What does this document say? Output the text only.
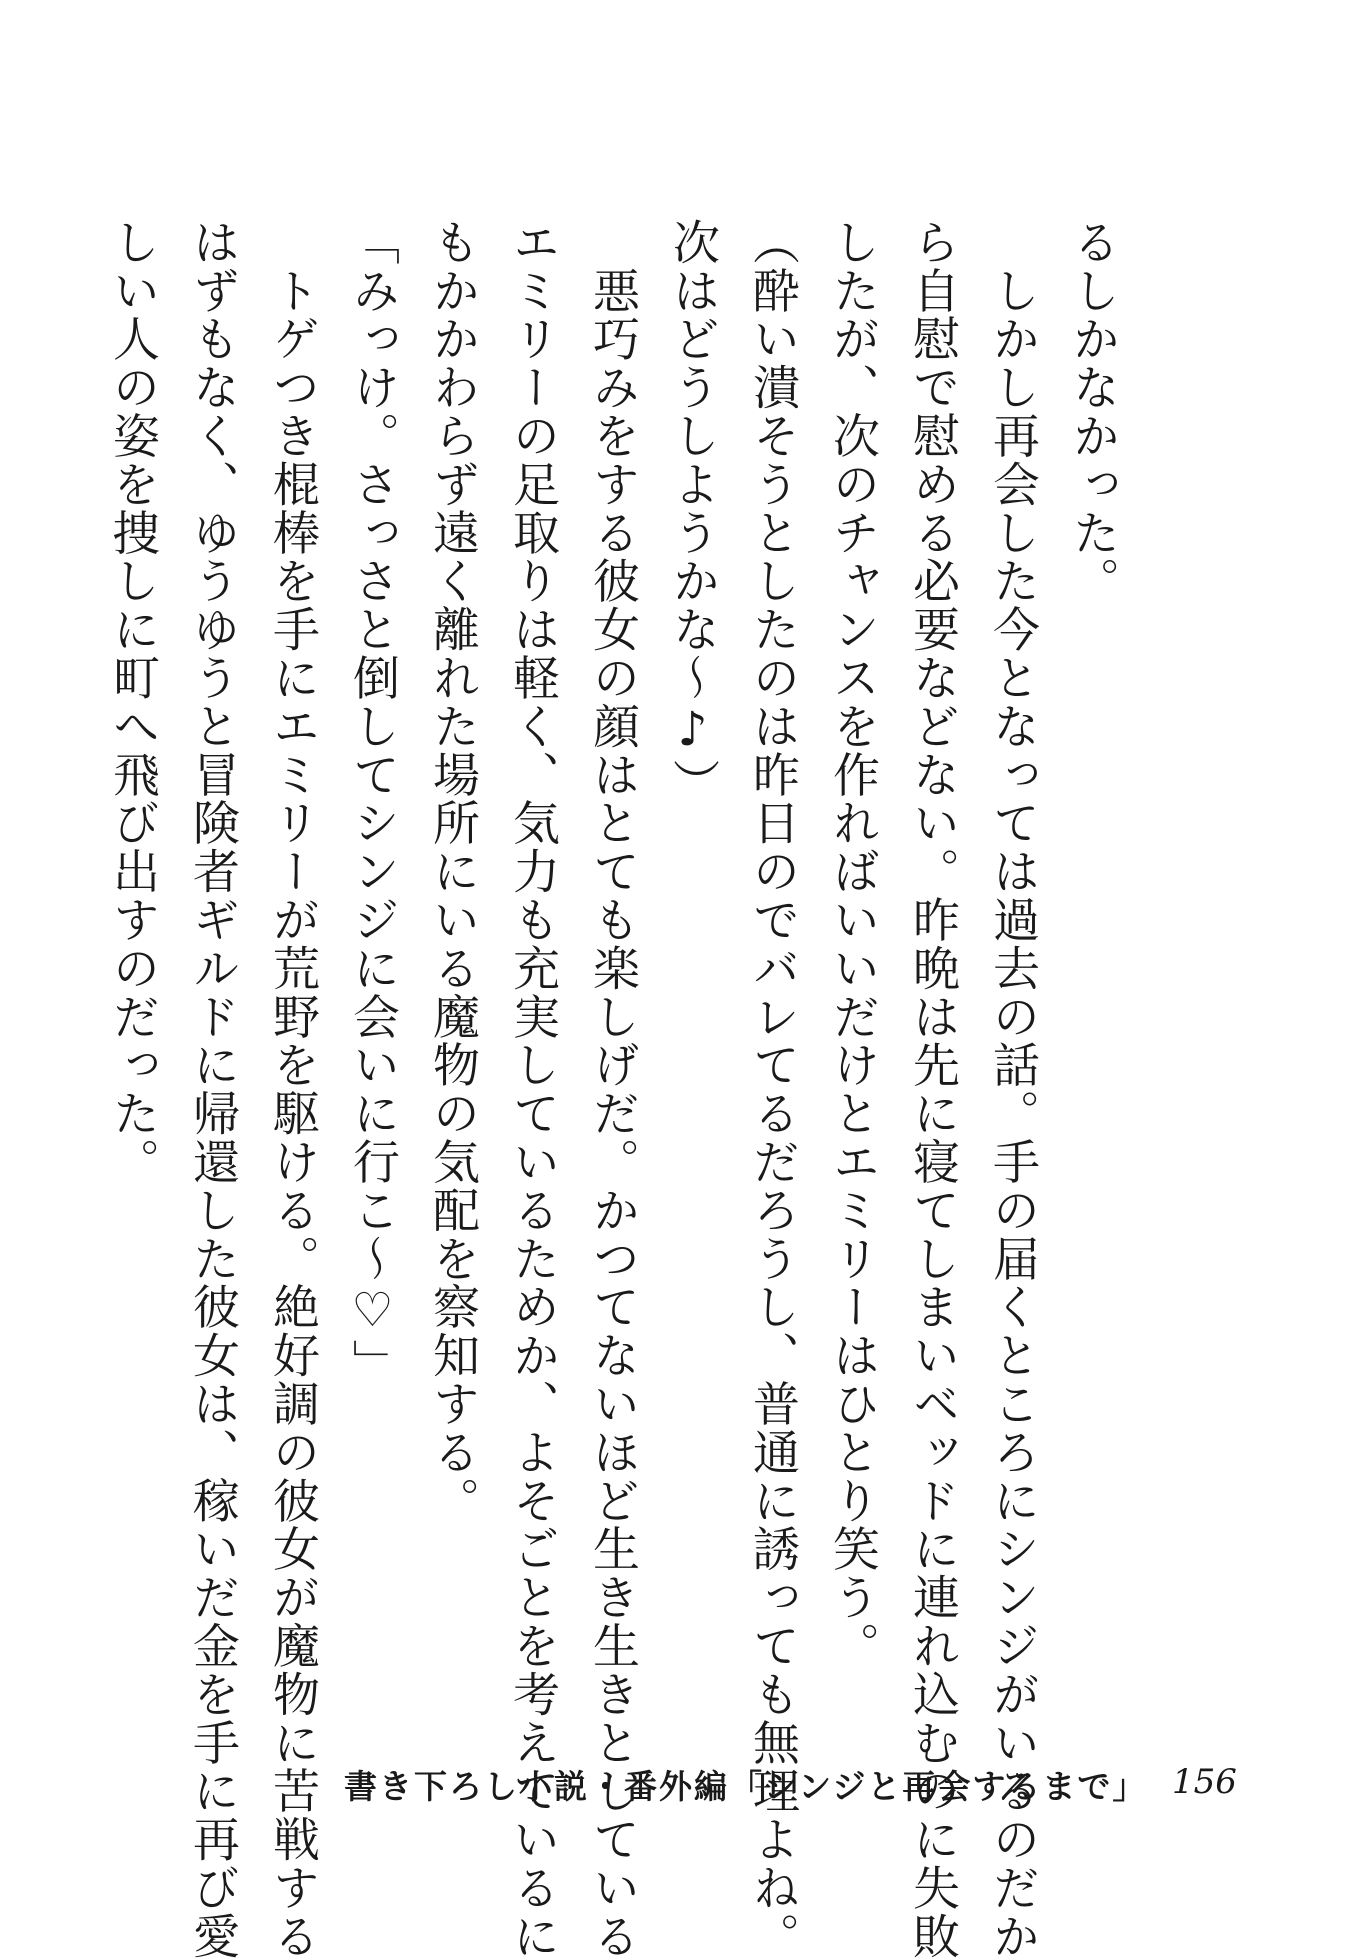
るしかなかった。
　しかし再会した今となっては過去の話。手の届くところにシンジがいるのだか
ら自慰で慰める必要などない。昨晩は先に寝てしまいベッドに連れ込むのに失敗
したが、次のチャンスを作ればいいだけとエミリーはひとり笑う。
（酔い潰そうとしたのは昨日のでバレてるだろうし、普通に誘っても無理よね。
次はどうしようかな〜♪）
　悪巧みをする彼女の顔はとても楽しげだ。かつてないほど生き生きとしている
エミリーの足取りは軽く、気力も充実しているためか、よそごとを考えているに
もかかわらず遠く離れた場所にいる魔物の気配を察知する。
「みっけ。さっさと倒してシンジに会いに行こ〜♡」
　トゲつき棍棒を手にエミリーが荒野を駆ける。絶好調の彼女が魔物に苦戦する
はずもなく、ゆうゆうと冒険者ギルドに帰還した彼女は、稼いだ金を手に再び愛
しい人の姿を捜しに町へ飛び出すのだった。
書き下ろし小説・番外編「シンジと再会するまで」 156
